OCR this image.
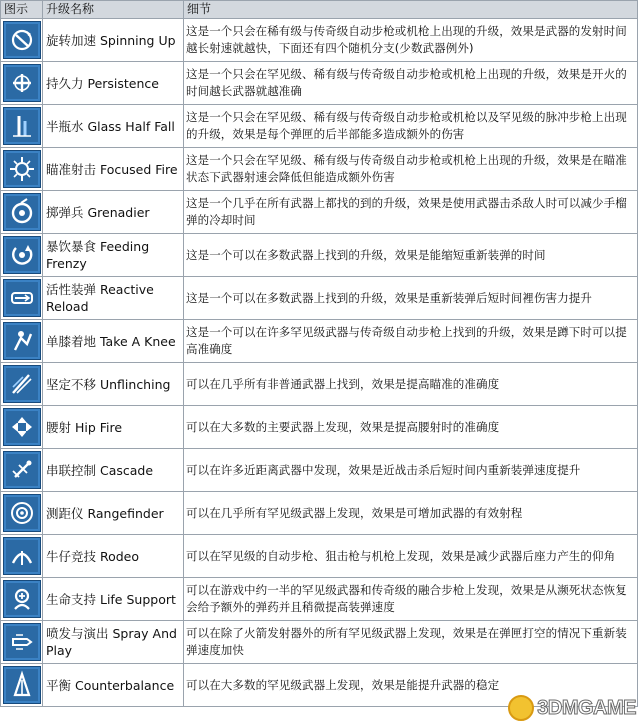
图示	升级名称	细节

	旋转加速 Spinning Up	这是一个只会在稀有级与传奇级自动步枪或机枪上出现的升级，效果是武器的发射时间越长射速就越快，下面还有四个随机分支(少数武器例外)

	持久力 Persistence	这是一个只会在罕见级、稀有级与传奇级自动步枪或机枪上出现的升级，效果是开火的时间越长武器就越准确

	半瓶水 Glass Half Fall	这是一个只会在罕见级、稀有级与传奇级自动步枪或机枪以及罕见级的脉冲步枪上出现的升级，效果是每个弹匣的后半部能多造成额外的伤害

	瞄准射击 Focused Fire	这是一个只会在罕见级、稀有级与传奇级自动步枪或机枪上出现的升级，效果是在瞄准状态下武器射速会降低但能造成额外伤害

	掷弹兵 Grenadier	这是一个几乎在所有武器上都找的到的升级，效果是使用武器击杀敌人时可以减少手榴弹的冷却时间

	暴饮暴食 Feeding Frenzy	这是一个可以在多数武器上找到的升级，效果是能缩短重新装弹的时间

	活性装弹 Reactive Reload	这是一个可以在多数武器上找到的升级，效果是重新装弹后短时间裡伤害力提升

	单膝着地 Take A Knee	这是一个可以在许多罕见级武器与传奇级自动步枪上找到的升级，效果是蹲下时可以提高准确度

	坚定不移 Unflinching	可以在几乎所有非普通武器上找到，效果是提高瞄准的准确度

	腰射 Hip Fire	可以在大多数的主要武器上发现，效果是提高腰射时的准确度

	串联控制 Cascade	可以在许多近距离武器中发现，效果是近战击杀后短时间内重新装弹速度提升

	测距仪 Rangefinder	可以在几乎所有罕见级武器上发现，效果是可增加武器的有效射程

	牛仔竞技 Rodeo	可以在罕见级的自动步枪、狙击枪与机枪上发现，效果是减少武器后座力产生的仰角

	生命支持 Life Support	可以在游戏中约一半的罕见级武器和传奇级的融合步枪上发现，效果是从濒死状态恢复会给予额外的弹药并且稍微提高装弹速度

	喷发与演出 Spray And Play	可以在除了火箭发射器外的所有罕见级武器上发现，效果是在弹匣打空的情况下重新装弹速度加快

	平衡 Counterbalance	可以在大多数的罕见级武器上发现，效果是能提升武器的稳定
3DMGAME
